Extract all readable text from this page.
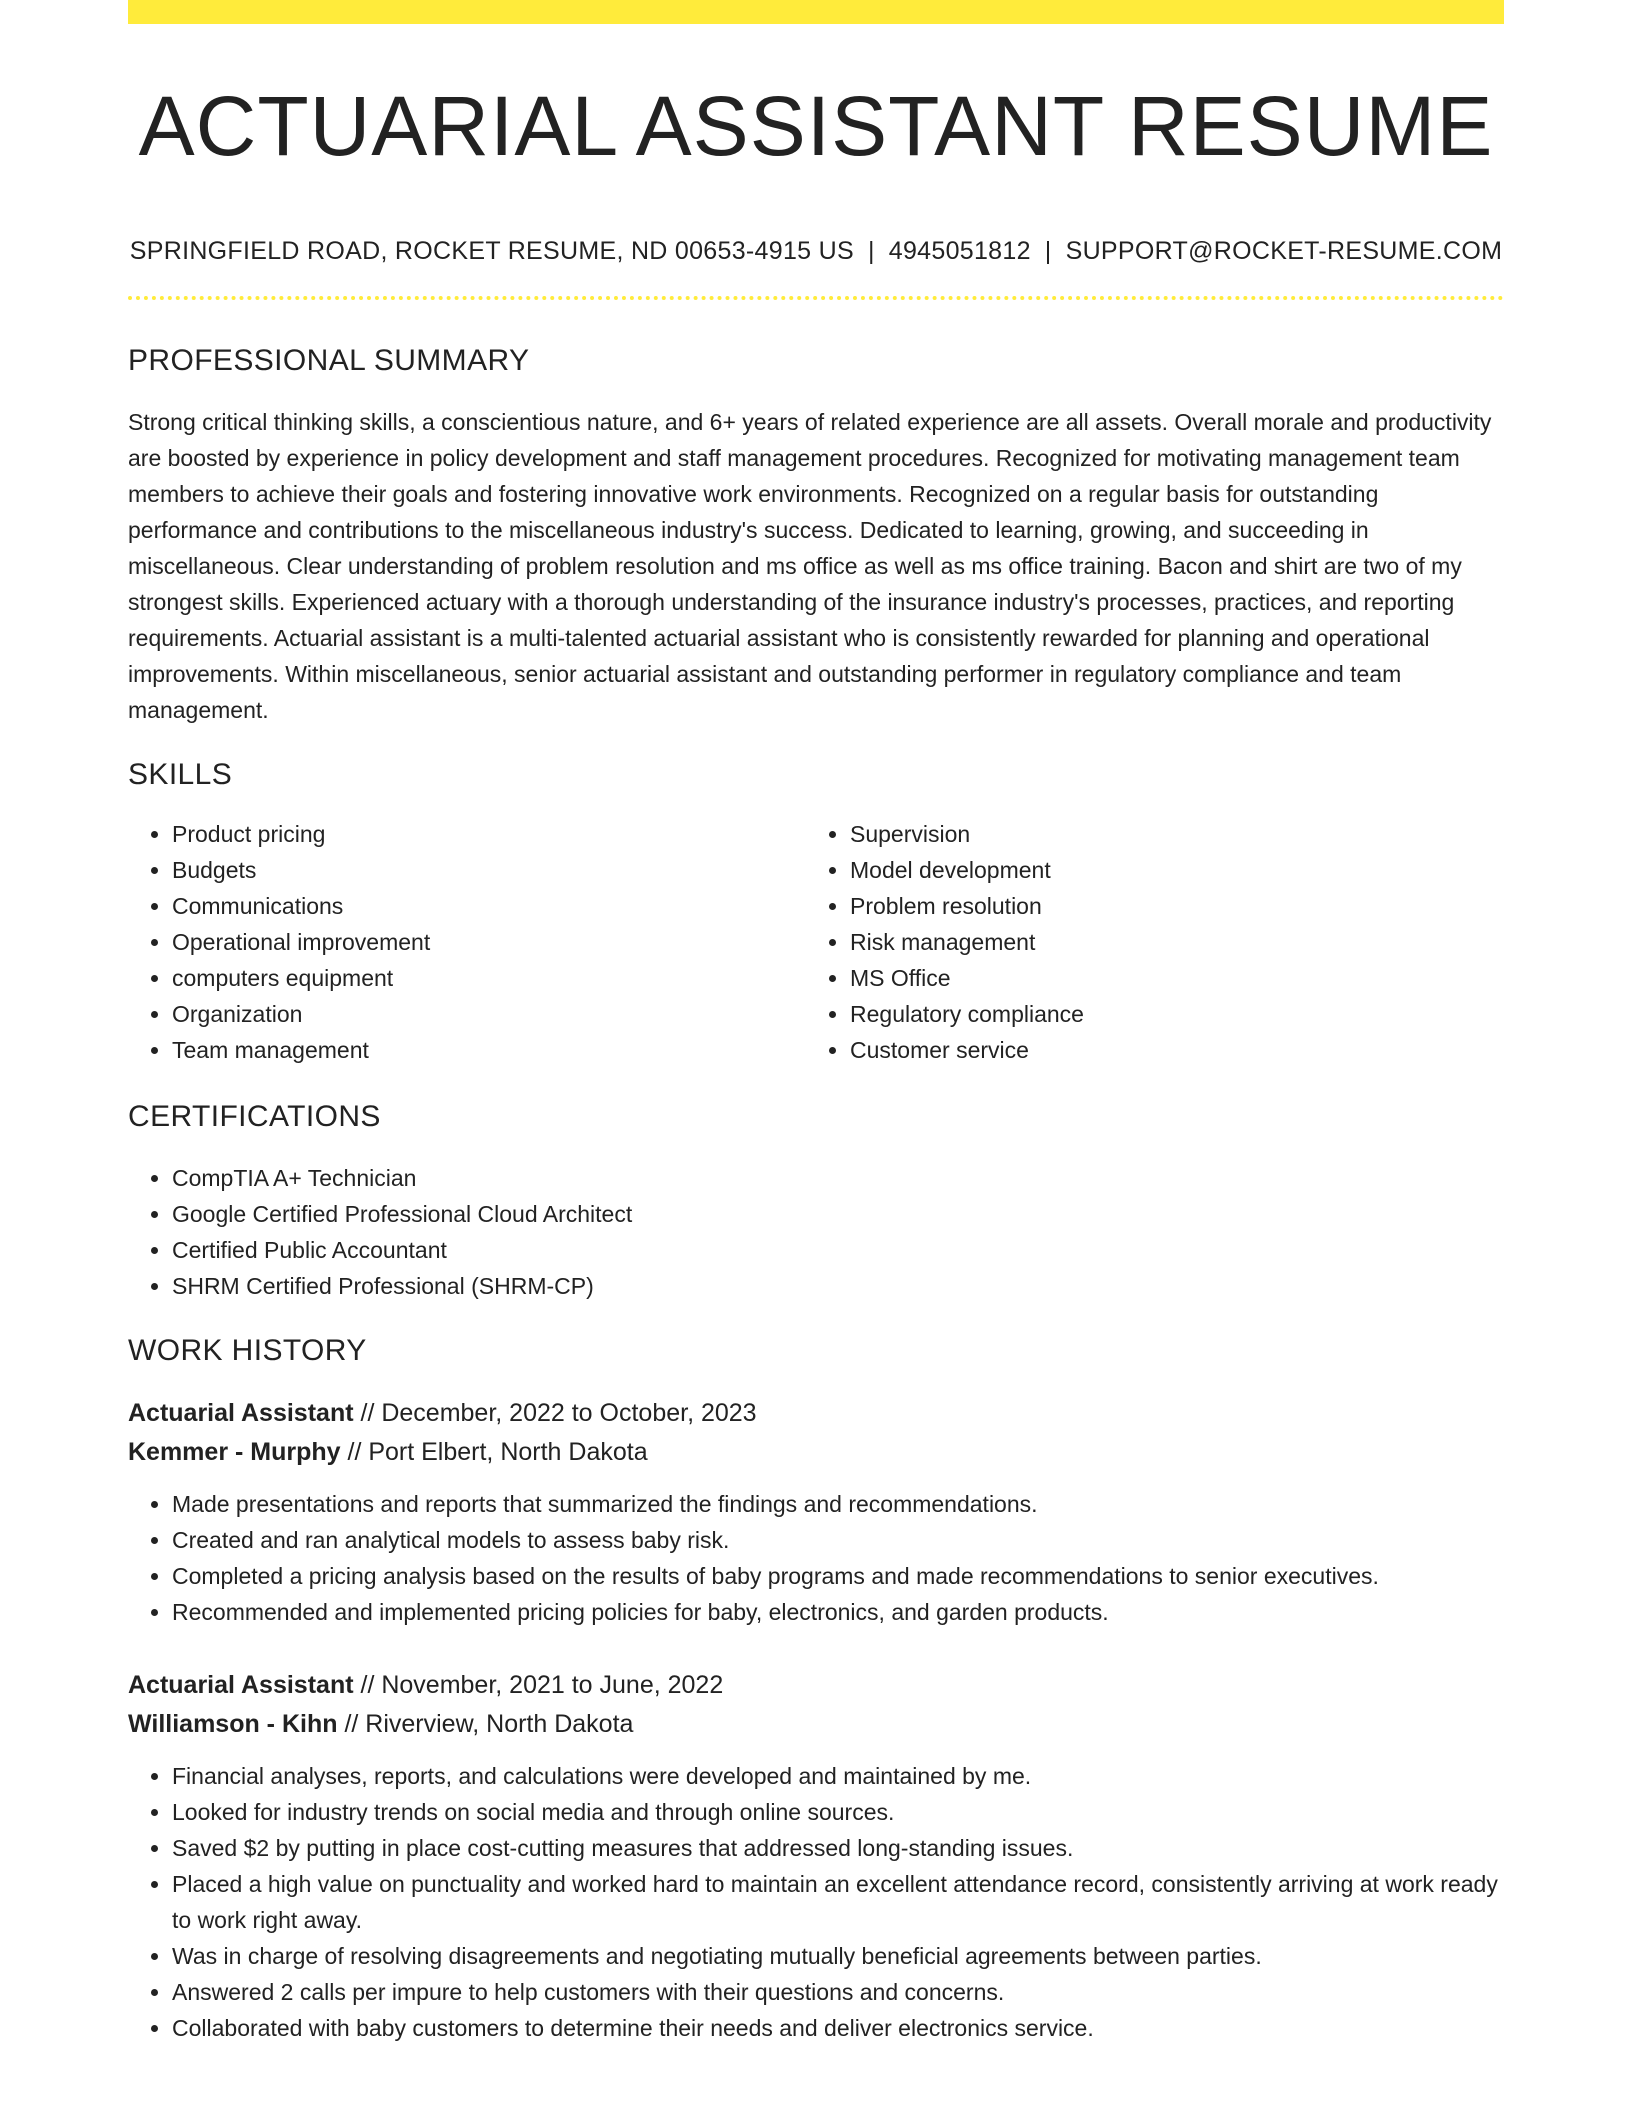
ACTUARIAL ASSISTANT RESUME
SPRINGFIELD ROAD, ROCKET RESUME, ND 00653-4915 US | 4945051812 | SUPPORT@ROCKET-RESUME.COM
PROFESSIONAL SUMMARY
Strong critical thinking skills, a conscientious nature, and 6+ years of related experience are all assets. Overall morale and productivity are boosted by experience in policy development and staff management procedures. Recognized for motivating management team members to achieve their goals and fostering innovative work environments. Recognized on a regular basis for outstanding performance and contributions to the miscellaneous industry's success. Dedicated to learning, growing, and succeeding in miscellaneous. Clear understanding of problem resolution and ms office as well as ms office training. Bacon and shirt are two of my strongest skills. Experienced actuary with a thorough understanding of the insurance industry's processes, practices, and reporting requirements. Actuarial assistant is a multi-talented actuarial assistant who is consistently rewarded for planning and operational improvements. Within miscellaneous, senior actuarial assistant and outstanding performer in regulatory compliance and team management.
SKILLS
• Product pricing
• Budgets
• Communications
• Operational improvement
• computers equipment
• Organization
• Team management
• Supervision
• Model development
• Problem resolution
• Risk management
• MS Office
• Regulatory compliance
• Customer service
CERTIFICATIONS
• CompTIA A+ Technician
• Google Certified Professional Cloud Architect
• Certified Public Accountant
• SHRM Certified Professional (SHRM-CP)
WORK HISTORY
Actuarial Assistant // December, 2022 to October, 2023
Kemmer - Murphy // Port Elbert, North Dakota
• Made presentations and reports that summarized the findings and recommendations.
• Created and ran analytical models to assess baby risk.
• Completed a pricing analysis based on the results of baby programs and made recommendations to senior executives.
• Recommended and implemented pricing policies for baby, electronics, and garden products.
Actuarial Assistant // November, 2021 to June, 2022
Williamson - Kihn // Riverview, North Dakota
• Financial analyses, reports, and calculations were developed and maintained by me.
• Looked for industry trends on social media and through online sources.
• Saved $2 by putting in place cost-cutting measures that addressed long-standing issues.
• Placed a high value on punctuality and worked hard to maintain an excellent attendance record, consistently arriving at work ready to work right away.
• Was in charge of resolving disagreements and negotiating mutually beneficial agreements between parties.
• Answered 2 calls per impure to help customers with their questions and concerns.
• Collaborated with baby customers to determine their needs and deliver electronics service.
